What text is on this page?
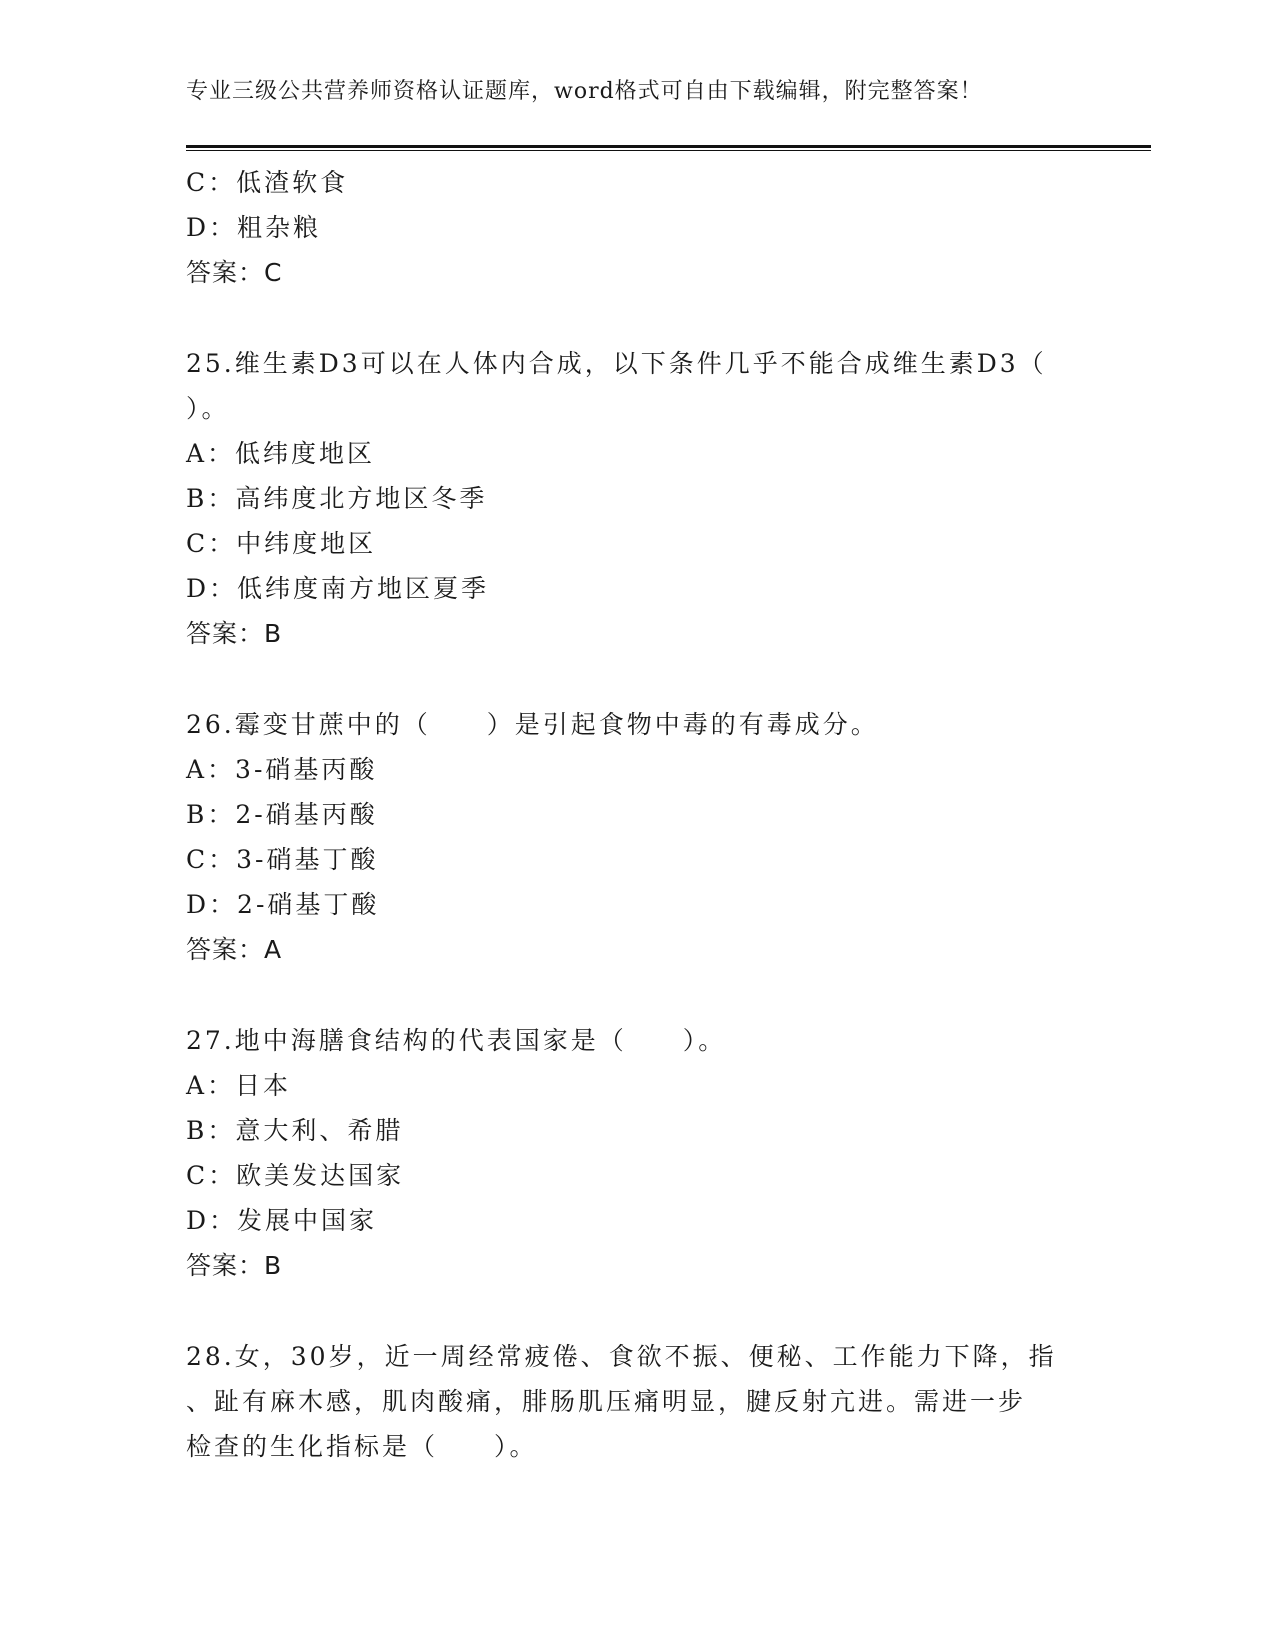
专业三级公共营养师资格认证题库，word格式可自由下载编辑，附完整答案！
C：低渣软食
D：粗杂粮
答案：C
25.维生素D3可以在人体内合成，以下条件几乎不能合成维生素D3（
）。
A：低纬度地区
B：高纬度北方地区冬季
C：中纬度地区
D：低纬度南方地区夏季
答案：B
26.霉变甘蔗中的（ ）是引起食物中毒的有毒成分。
A：3-硝基丙酸
B：2-硝基丙酸
C：3-硝基丁酸
D：2-硝基丁酸
答案：A
27.地中海膳食结构的代表国家是（ ）。
A：日本
B：意大利、希腊
C：欧美发达国家
D：发展中国家
答案：B
28.女，30岁，近一周经常疲倦、食欲不振、便秘、工作能力下降，指
、趾有麻木感，肌肉酸痛，腓肠肌压痛明显，腱反射亢进。需进一步
检查的生化指标是（ ）。
